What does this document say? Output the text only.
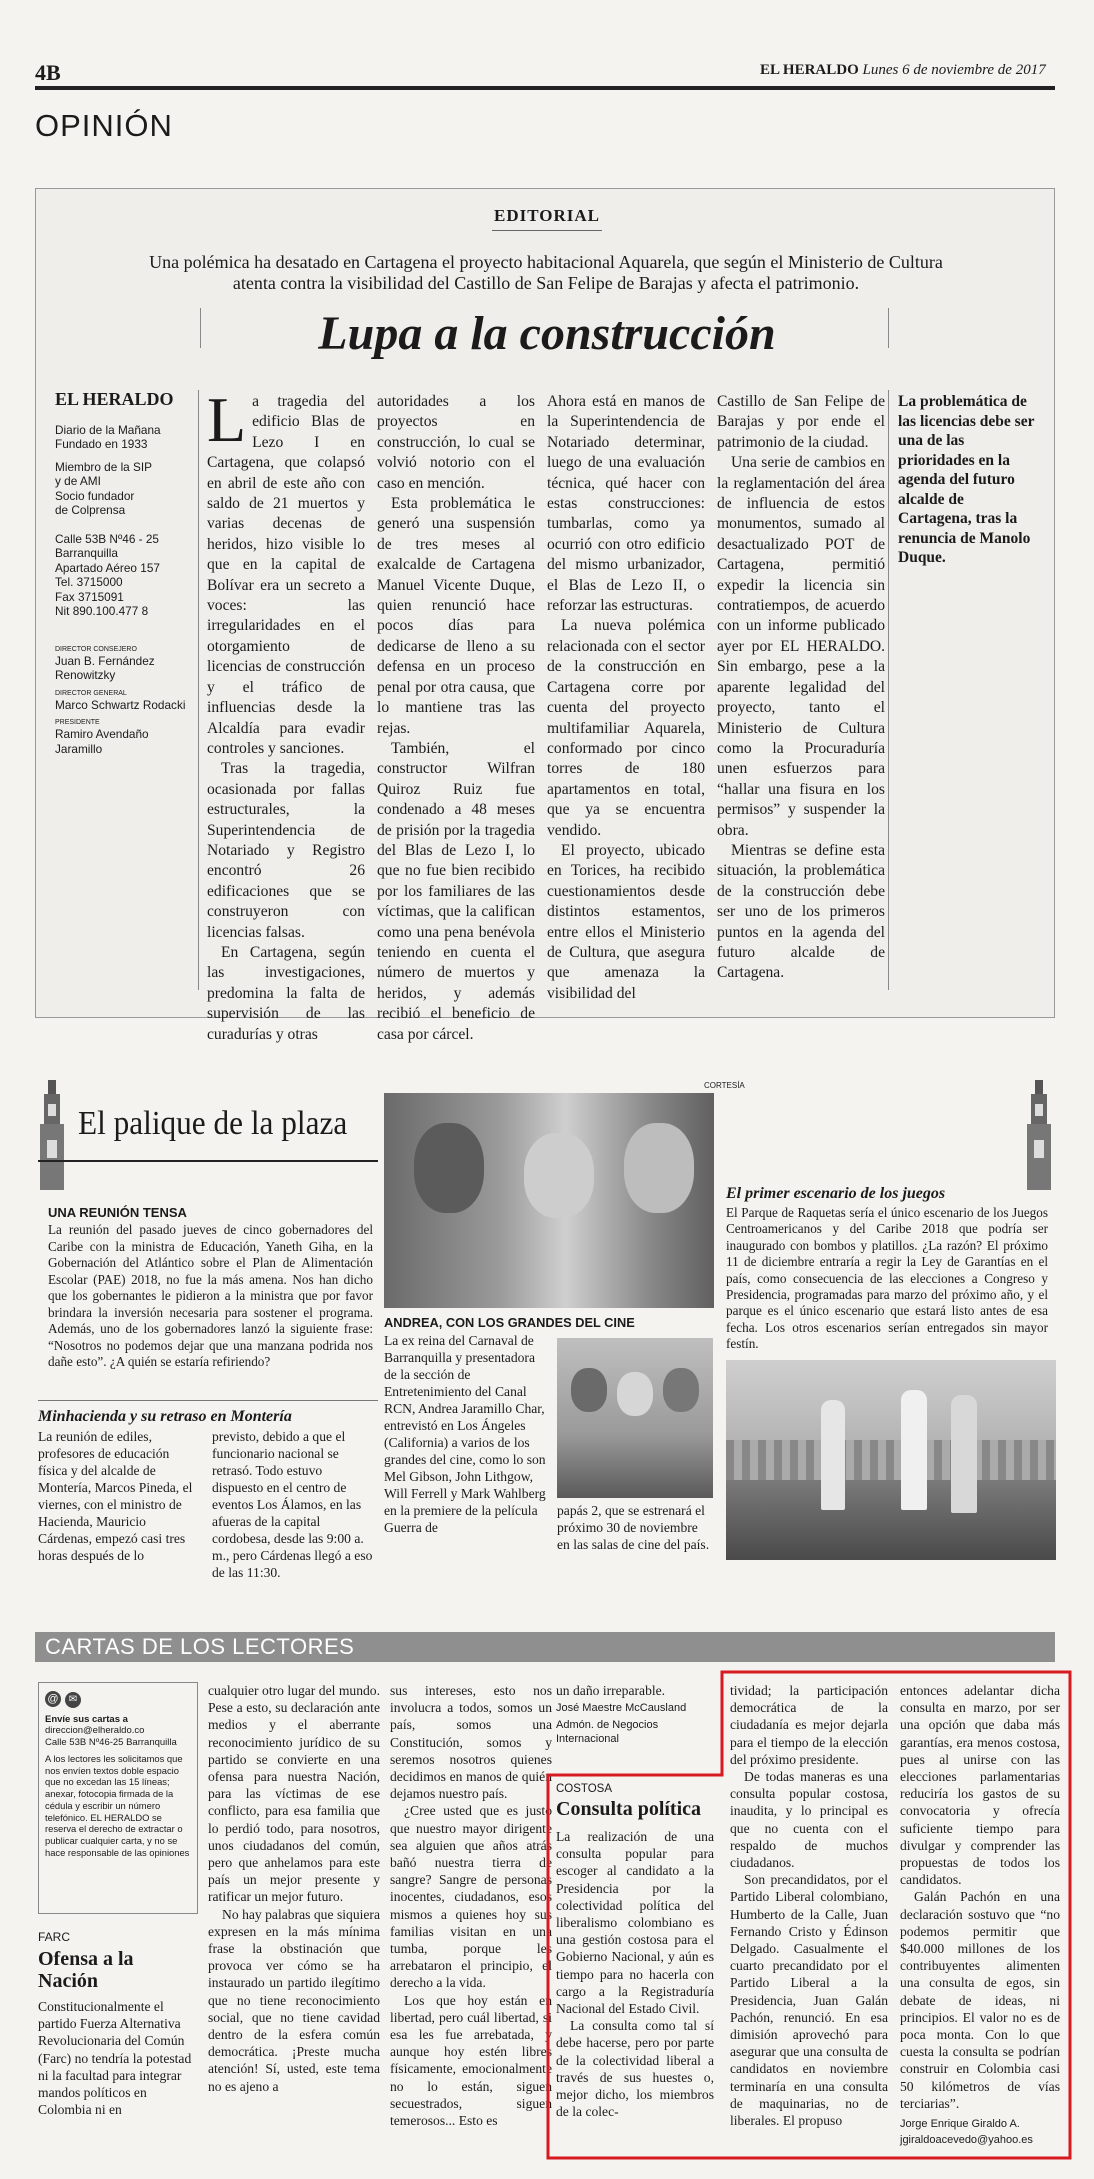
4B	EL HERALDO Lunes 6 de noviembre de 2017
OPINIÓN
EDITORIAL
Una polémica ha desatado en Cartagena el proyecto habitacional Aquarela, que según el Ministerio de Cultura atenta contra la visibilidad del Castillo de San Felipe de Barajas y afecta el patrimonio.
Lupa a la construcción
EL HERALDO
Diario de la Mañana
Fundado en 1933
Miembro de la SIP
y de AMI
Socio fundador
de Colprensa
Calle 53B Nº46 - 25
Barranquilla
Apartado Aéreo 157
Tel. 3715000
Fax 3715091
Nit 890.100.477 8
DIRECTOR CONSEJERO
Juan B. Fernández Renowitzky
DIRECTOR GENERAL
Marco Schwartz Rodacki
PRESIDENTE
Ramiro Avendaño Jaramillo

La tragedia del edificio Blas de Lezo I en Cartagena, que colapsó en abril de este año con saldo de 21 muertos y varias decenas de heridos, hizo visible lo que en la capital de Bolívar era un secreto a voces: las irregularidades en el otorgamiento de licencias de construcción y el tráfico de influencias desde la Alcaldía para evadir controles y sanciones.

Tras la tragedia, ocasionada por fallas estructurales, la Superintendencia de Notariado y Registro encontró 26 edificaciones que se construyeron con licencias falsas.

En Cartagena, según las investigaciones, predomina la falta de supervisión de las curadurías y otras

autoridades a los proyectos en construcción, lo cual se volvió notorio con el caso en mención.

Esta problemática le generó una suspensión de tres meses al exalcalde de Cartagena Manuel Vicente Duque, quien renunció hace pocos días para dedicarse de lleno a su defensa en un proceso penal por otra causa, que lo mantiene tras las rejas.

También, el constructor Wilfran Quiroz Ruiz fue condenado a 48 meses de prisión por la tragedia del Blas de Lezo I, lo que no fue bien recibido por los familiares de las víctimas, que la califican como una pena benévola teniendo en cuenta el número de muertos y heridos, y además recibió el beneficio de casa por cárcel.

Ahora está en manos de la Superintendencia de Notariado determinar, luego de una evaluación técnica, qué hacer con estas construcciones: tumbarlas, como ya ocurrió con otro edificio del mismo urbanizador, el Blas de Lezo II, o reforzar las estructuras.

La nueva polémica relacionada con el sector de la construcción en Cartagena corre por cuenta del proyecto multifamiliar Aquarela, conformado por cinco torres de 180 apartamentos en total, que ya se encuentra vendido.

El proyecto, ubicado en Torices, ha recibido cuestionamientos desde distintos estamentos, entre ellos el Ministerio de Cultura, que asegura que amenaza la visibilidad del

Castillo de San Felipe de Barajas y por ende el patrimonio de la ciudad.

Una serie de cambios en la reglamentación del área de influencia de estos monumentos, sumado al desactualizado POT de Cartagena, permitió expedir la licencia sin contratiempos, de acuerdo con un informe publicado ayer por EL HERALDO. Sin embargo, pese a la aparente legalidad del proyecto, tanto el Ministerio de Cultura como la Procuraduría unen esfuerzos para “hallar una fisura en los permisos” y suspender la obra.

Mientras se define esta situación, la problemática de la construcción debe ser uno de los primeros puntos en la agenda del futuro alcalde de Cartagena.

La problemática de las licencias debe ser una de las prioridades en la agenda del futuro alcalde de Cartagena, tras la renuncia de Manolo Duque.
El palique de la plaza
UNA REUNIÓN TENSA
La reunión del pasado jueves de cinco gobernadores del Caribe con la ministra de Educación, Yaneth Giha, en la Gobernación del Atlántico sobre el Plan de Alimentación Escolar (PAE) 2018, no fue la más amena. Nos han dicho que los gobernantes le pidieron a la ministra que por favor brindara la inversión necesaria para sostener el programa. Además, uno de los gobernadores lanzó la siguiente frase: “Nosotros no podemos dejar que una manzana podrida nos dañe esto”. ¿A quién se estaría refiriendo?
Minhacienda y su retraso en Montería
La reunión de ediles, profesores de educación física y del alcalde de Montería, Marcos Pineda, el viernes, con el ministro de Hacienda, Mauricio Cárdenas, empezó casi tres horas después de lo
previsto, debido a que el funcionario nacional se retrasó. Todo estuvo dispuesto en el centro de eventos Los Álamos, en las afueras de la capital cordobesa, desde las 9:00 a. m., pero Cárdenas llegó a eso de las 11:30.
CORTESÍA
ANDREA, CON LOS GRANDES DEL CINE
La ex reina del Carnaval de Barranquilla y presentadora de la sección de Entretenimiento del Canal RCN, Andrea Jaramillo Char, entrevistó en Los Ángeles (California) a varios de los grandes del cine, como lo son Mel Gibson, John Lithgow, Will Ferrell y Mark Wahlberg en la premiere de la película Guerra de
papás 2, que se estrenará el próximo 30 de noviembre en las salas de cine del país.
El primer escenario de los juegos
El Parque de Raquetas sería el único escenario de los Juegos Centroamericanos y del Caribe 2018 que podría ser inaugurado con bombos y platillos. ¿La razón? El próximo 11 de diciembre entraría a regir la Ley de Garantías en el país, como consecuencia de las elecciones a Congreso y Presidencia, programadas para marzo del próximo año, y el parque es el único escenario que estará listo antes de esa fecha. Los otros escenarios serían entregados sin mayor festín.
CARTAS DE LOS LECTORES
@ ✉
Envíe sus cartas a
direccion@elheraldo.co
Calle 53B Nº46-25 Barranquilla
A los lectores les solicitamos que nos envíen textos doble espacio que no excedan las 15 líneas; anexar, fotocopia firmada de la cédula y escribir un número telefónico. EL HERALDO se reserva el derecho de extractar o publicar cualquier carta, y no se hace responsable de las opiniones
FARC
Ofensa a la Nación
Constitucionalmente el partido Fuerza Alternativa Revolucionaria del Común (Farc) no tendría la potestad ni la facultad para integrar mandos políticos en Colombia ni en

cualquier otro lugar del mundo. Pese a esto, su declaración ante medios y el aberrante reconocimiento jurídico de su partido se convierte en una ofensa para nuestra Nación, para las víctimas de ese conflicto, para esa familia que lo perdió todo, para nosotros, unos ciudadanos del común, pero que anhelamos para este país un mejor presente y ratificar un mejor futuro.

No hay palabras que siquiera expresen en la más mínima frase la obstinación que provoca ver cómo se ha instaurado un partido ilegítimo que no tiene reconocimiento social, que no tiene cavidad dentro de la esfera común democrática. ¡Preste mucha atención! Sí, usted, este tema no es ajeno a

sus intereses, esto nos involucra a todos, somos un país, somos una Constitución, somos y seremos nosotros quienes decidimos en manos de quién dejamos nuestro país.

¿Cree usted que es justo que nuestro mayor dirigente sea alguien que años atrás bañó nuestra tierra de sangre? Sangre de personas inocentes, ciudadanos, esos mismos a quienes hoy sus familias visitan en una tumba, porque les arrebataron el principio, el derecho a la vida.

Los que hoy están en libertad, pero cuál libertad, si esa les fue arrebatada, y aunque hoy estén libres físicamente, emocionalmente no lo están, siguen secuestrados, siguen temerosos... Esto es

un daño irreparable.
José Maestre McCausland
Admón. de Negocios Internacional
COSTOSA
Consulta política

La realización de una consulta popular para escoger al candidato a la Presidencia por la colectividad política del liberalismo colombiano es una gestión costosa para el Gobierno Nacional, y aún es tiempo para no hacerla con cargo a la Registraduría Nacional del Estado Civil.

La consulta como tal sí debe hacerse, pero por parte de la colectividad liberal a través de sus huestes o, mejor dicho, los miembros de la colec-

tividad; la participación democrática de la ciudadanía es mejor dejarla para el tiempo de la elección del próximo presidente.

De todas maneras es una consulta popular costosa, inaudita, y lo principal es que no cuenta con el respaldo de muchos ciudadanos.

Son precandidatos, por el Partido Liberal colombiano, Humberto de la Calle, Juan Fernando Cristo y Édinson Delgado. Casualmente el cuarto precandidato por el Partido Liberal a la Presidencia, Juan Galán Pachón, renunció. En esa dimisión aprovechó para asegurar que una consulta de candidatos en noviembre terminaría en una consulta de maquinarias, no de liberales. El propuso

entonces adelantar dicha consulta en marzo, por ser una opción que daba más garantías, era menos costosa, pues al unirse con las elecciones parlamentarias reduciría los gastos de su convocatoria y ofrecía suficiente tiempo para divulgar y comprender las propuestas de todos los candidatos.

Galán Pachón en una declaración sostuvo que “no podemos permitir que $40.000 millones de los contribuyentes alimenten una consulta de egos, sin debate de ideas, ni principios. El valor no es de poca monta. Con lo que cuesta la consulta se podrían construir en Colombia casi 50 kilómetros de vías terciarias”.

Jorge Enrique Giraldo A.
jgiraldoacevedo@yahoo.es
